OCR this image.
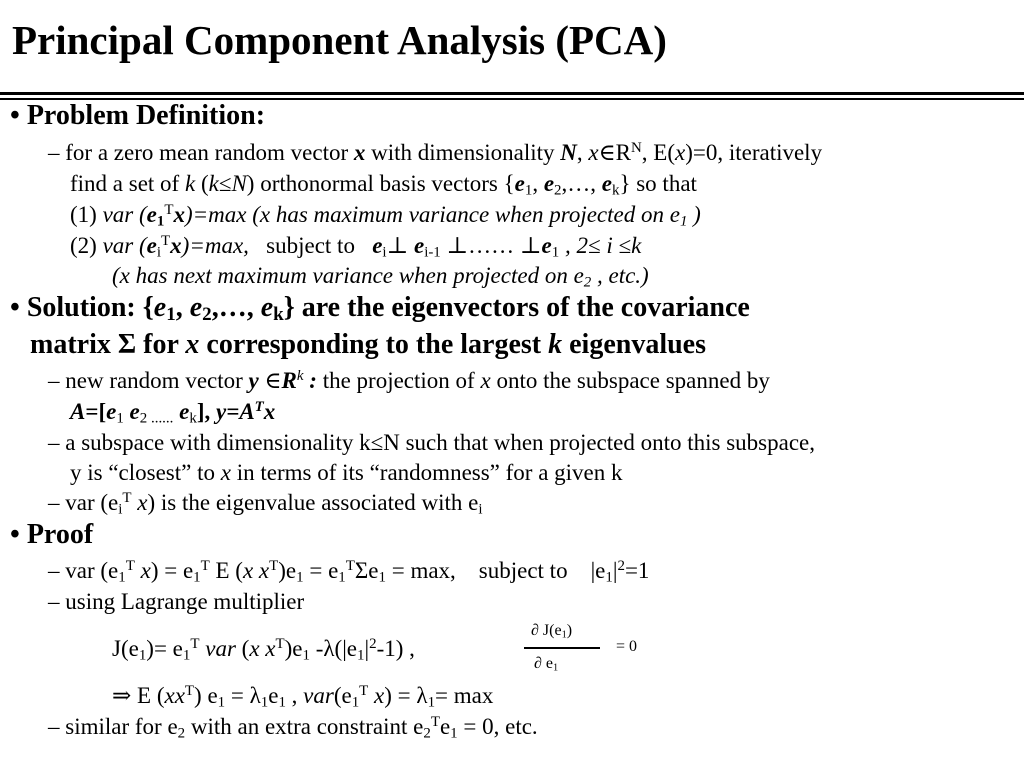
Principal Component Analysis (PCA)
• Problem Definition:
– for a zero mean random vector x with dimensionality N, $x\in R^N$, E(x)=0, iteratively
find a set of k (k≤N) orthonormal basis vectors {$e_1$, $e_2,\dots$, $e_k$} so that
(1) var $(e_1^Tx)=\max$ (x has maximum variance when projected on $e_1$ )
(2) var $(e_i^Tx)=\max$,   subject to   $e_i\perp$ $e_{i-1}$ ⊥…… $\perp e_1$ , 2≤ i ≤k
(x has next maximum variance when projected on $e_2$ , etc.)
• Solution: {e1, e2,…, ek} are the eigenvectors of the covariance
matrix Σ for x corresponding to the largest k eigenvalues
– new random vector y $\in R^k$ : the projection of x onto the subspace spanned by
$A=[e_1$ $e_{2 ......}$ $e_k$], $y=A^Tx$
– a subspace with dimensionality k≤N such that when projected onto this subspace,
y is “closest” to x in terms of its “randomness” for a given k
– var ($e_i^T$ x) is the eigenvalue associated with $e_i$
• Proof
– var ($e_1^T$ $x) = e_1^T$ E (x $x^T)e_1 = e_1^T\Sigma e_1 = \max$,    subject to    $|e_1|^2=1$
– using Lagrange multiplier
$J(e_1)= e_1^T$ var (x $x^T)e_1$ $-\lambda(|e_1|^2-1)$ ,
∂ $J(e_1)$
∂ $e_1$
= 0
⇒ E $(xx^T) e_1 = \lambda_1e_1$ , $var(e_1^T$ $x) = \lambda_1= \max$
– similar for $e_2$ with an extra constraint $e_2^Te_1 = 0$, etc.
